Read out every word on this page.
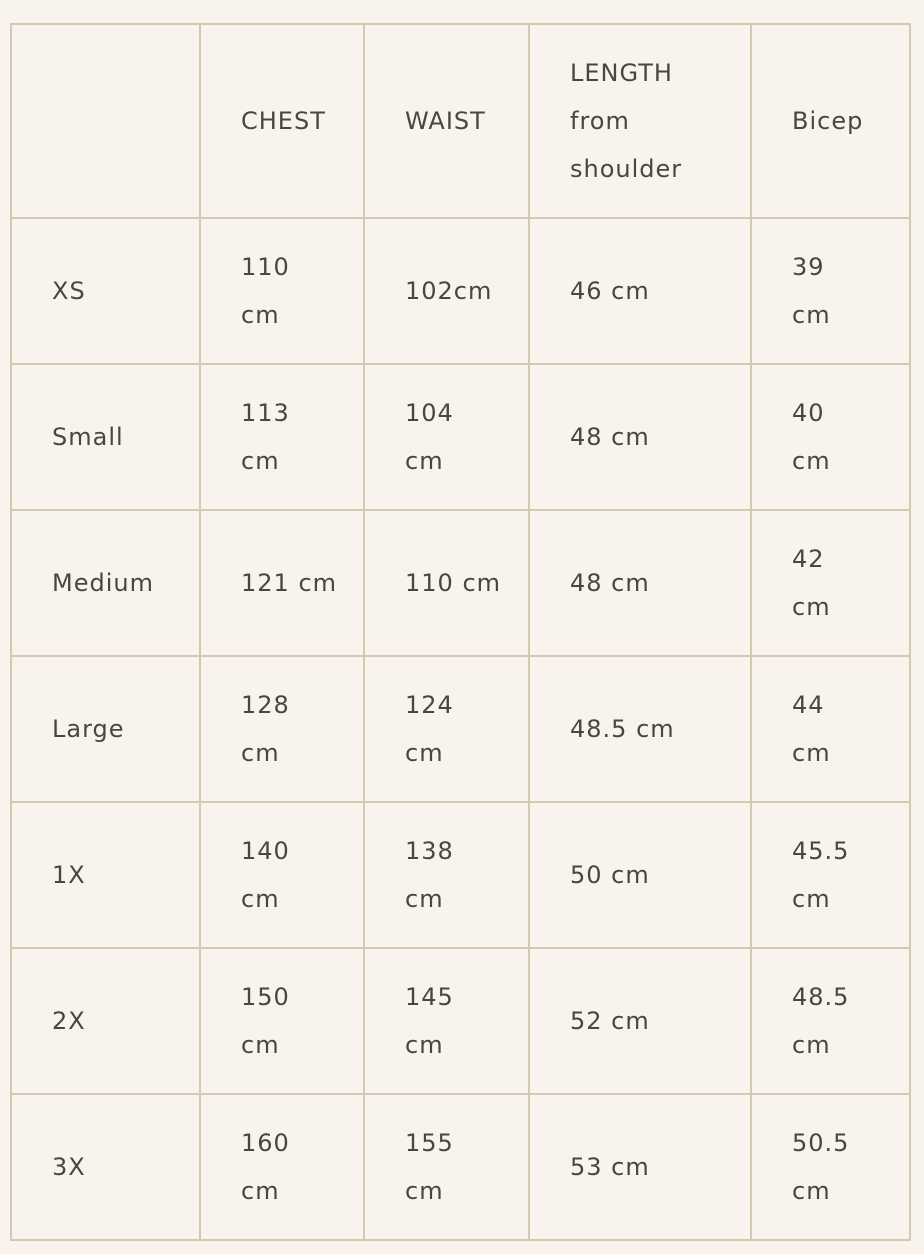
	CHEST	WAIST	LENGTH from shoulder	Bicep

XS	110 cm	102cm	46 cm	39 cm

Small	113 cm	104 cm	48 cm	40 cm

Medium	121 cm	110 cm	48 cm	42 cm

Large	128 cm	124 cm	48.5 cm	44 cm

1X	140 cm	138 cm	50 cm	45.5 cm

2X	150 cm	145 cm	52 cm	48.5 cm

3X	160 cm	155 cm	53 cm	50.5 cm
